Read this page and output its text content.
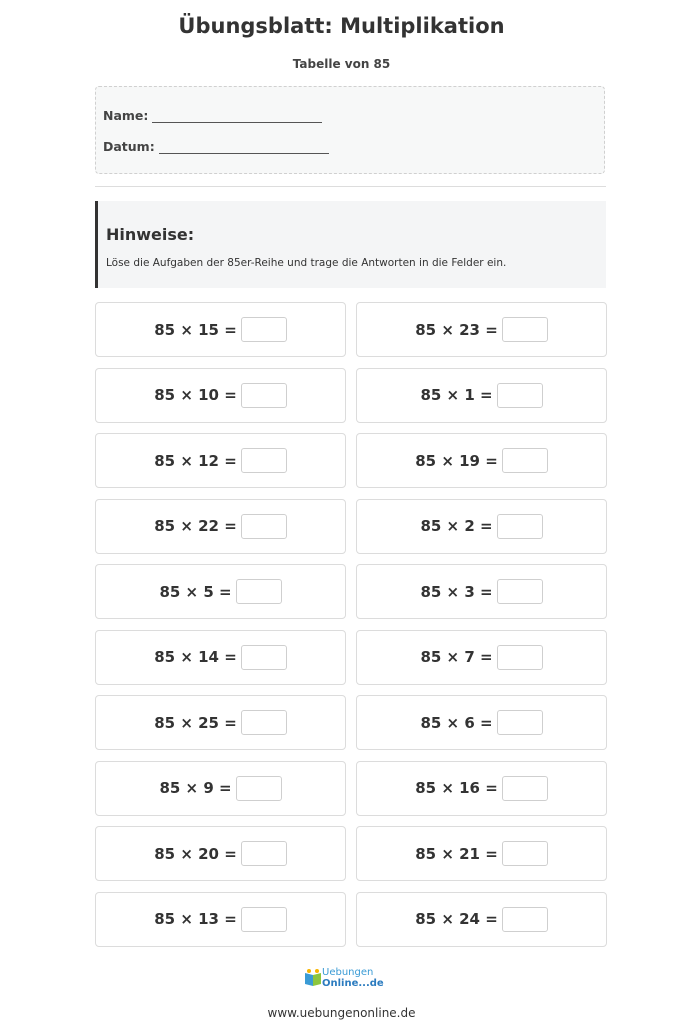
Übungsblatt: Multiplikation
Tabelle von 85
Name:
Datum:
Hinweise:
Löse die Aufgaben der 85er-Reihe und trage die Antworten in die Felder ein.
85 × 15 =	85 × 23 =
85 × 10 =	85 × 1 =
85 × 12 =	85 × 19 =
85 × 22 =	85 × 2 =
85 × 5 =	85 × 3 =
85 × 14 =	85 × 7 =
85 × 25 =	85 × 6 =
85 × 9 =	85 × 16 =
85 × 20 =	85 × 21 =
85 × 13 =	85 × 24 =
Uebungen
Online...de
www.uebungenonline.de
